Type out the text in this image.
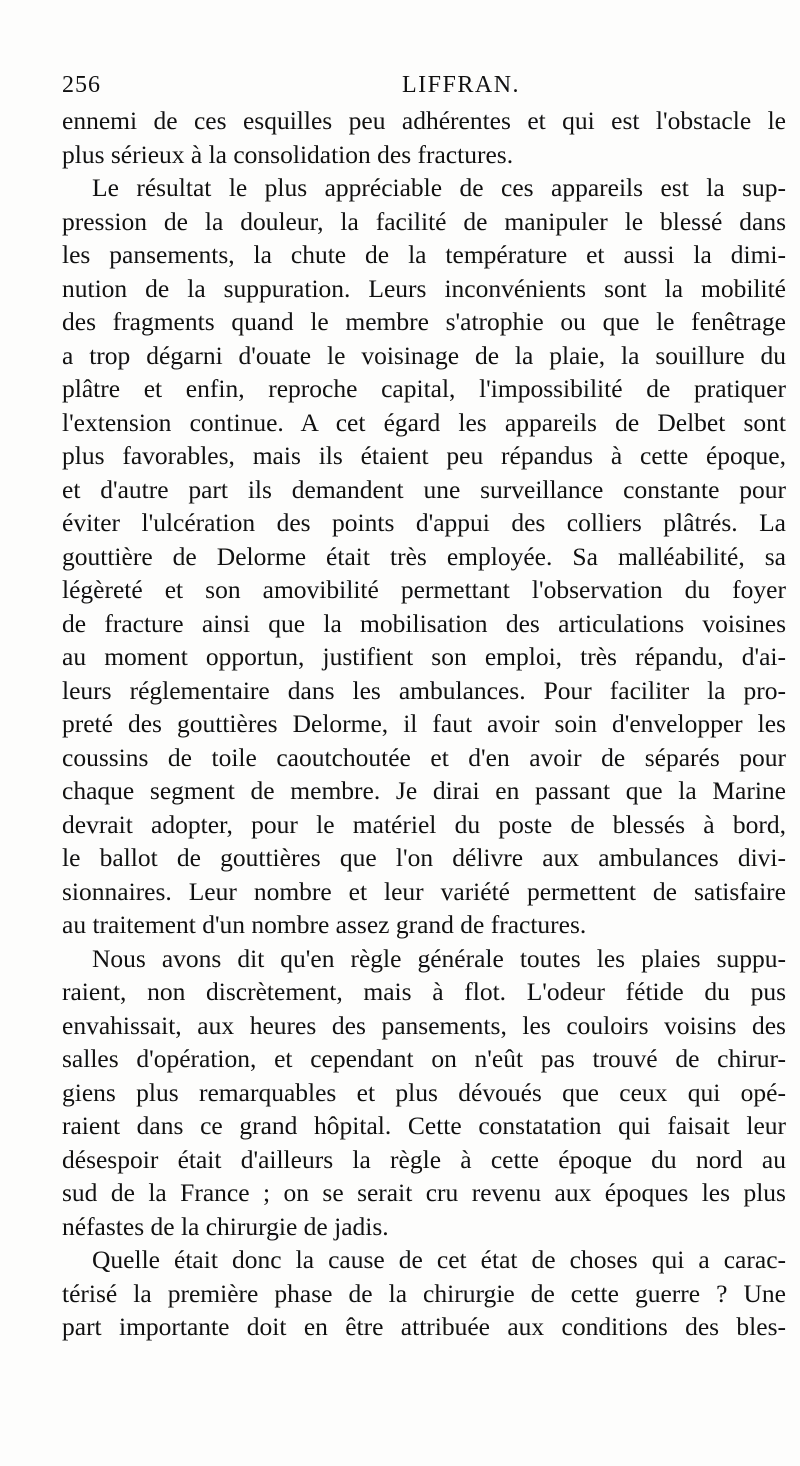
256	LIFFRAN.
ennemi de ces esquilles peu adhérentes et qui est l'obstacle le
plus sérieux à la consolidation des fractures.
Le résultat le plus appréciable de ces appareils est la sup-
pression de la douleur, la facilité de manipuler le blessé dans
les pansements, la chute de la température et aussi la dimi-
nution de la suppuration. Leurs inconvénients sont la mobilité
des fragments quand le membre s'atrophie ou que le fenêtrage
a trop dégarni d'ouate le voisinage de la plaie, la souillure du
plâtre et enfin, reproche capital, l'impossibilité de pratiquer
l'extension continue. A cet égard les appareils de Delbet sont
plus favorables, mais ils étaient peu répandus à cette époque,
et d'autre part ils demandent une surveillance constante pour
éviter l'ulcération des points d'appui des colliers plâtrés. La
gouttière de Delorme était très employée. Sa malléabilité, sa
légèreté et son amovibilité permettant l'observation du foyer
de fracture ainsi que la mobilisation des articulations voisines
au moment opportun, justifient son emploi, très répandu, d'ai-
leurs réglementaire dans les ambulances. Pour faciliter la pro-
preté des gouttières Delorme, il faut avoir soin d'envelopper les
coussins de toile caoutchoutée et d'en avoir de séparés pour
chaque segment de membre. Je dirai en passant que la Marine
devrait adopter, pour le matériel du poste de blessés à bord,
le ballot de gouttières que l'on délivre aux ambulances divi-
sionnaires. Leur nombre et leur variété permettent de satisfaire
au traitement d'un nombre assez grand de fractures.
Nous avons dit qu'en règle générale toutes les plaies suppu-
raient, non discrètement, mais à flot. L'odeur fétide du pus
envahissait, aux heures des pansements, les couloirs voisins des
salles d'opération, et cependant on n'eût pas trouvé de chirur-
giens plus remarquables et plus dévoués que ceux qui opé-
raient dans ce grand hôpital. Cette constatation qui faisait leur
désespoir était d'ailleurs la règle à cette époque du nord au
sud de la France ; on se serait cru revenu aux époques les plus
néfastes de la chirurgie de jadis.
Quelle était donc la cause de cet état de choses qui a carac-
térisé la première phase de la chirurgie de cette guerre ? Une
part importante doit en être attribuée aux conditions des bles-
